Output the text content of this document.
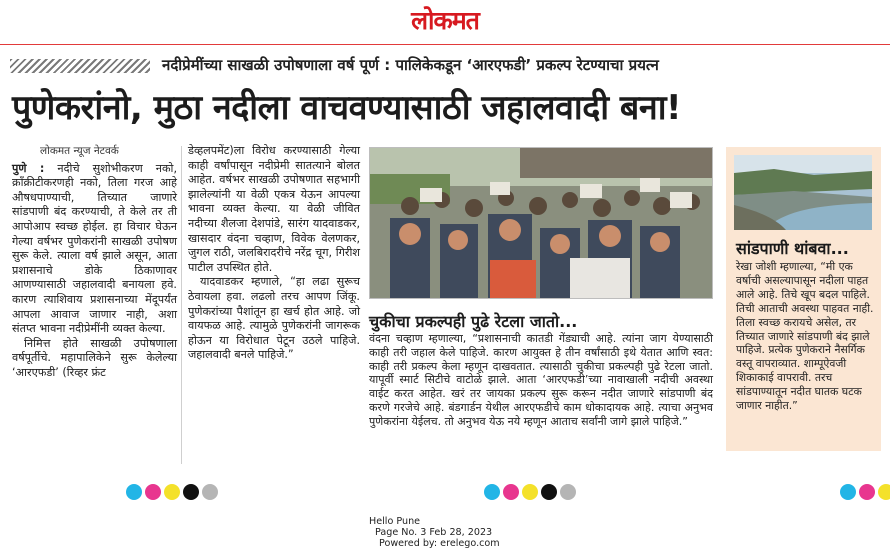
लोकमत
नदीप्रेमींच्या साखळी उपोषणाला वर्ष पूर्ण : पालिकेकडून ‘आरएफडी’ प्रकल्प रेटण्याचा प्रयत्न
पुणेकरांनो, मुठा नदीला वाचवण्यासाठी जहालवादी बना!
लोकमत न्यूज नेटवर्क

पुणे : नदीचे सुशोभीकरण नको, क्रॉंक्रीटीकरणही नको, तिला गरज आहे औषधपाण्याची, तिच्यात जाणारे सांडपाणी बंद करण्याची, ते केले तर ती आपोआप स्वच्छ होईल. हा विचार घेऊन गेल्या वर्षभर पुणेकरांनी साखळी उपोषण सुरू केले. त्याला वर्ष झाले असून, आता प्रशासनाचे डोके ठिकाणावर आणण्यासाठी जहालवादी बनायला हवे. कारण त्याशिवाय प्रशासनाच्या मेंदूपर्यंत आपला आवाज जाणार नाही, अशा संतप्त भावना नदीप्रेमींनी व्यक्त केल्या.

निमित्त होते साखळी उपोषणाला वर्षपूर्तीचे. महापालिकेने सुरू केलेल्या ‘आरएफडी’ (रिव्हर फ्रंट

डेव्हलपमेंट)ला विरोध करण्यासाठी गेल्या काही वर्षांपासून नदीप्रेमी सातत्याने बोलत आहेत. वर्षभर साखळी उपोषणात सहभागी झालेल्यांनी या वेळी एकत्र येऊन आपल्या भावना व्यक्त केल्या. या वेळी जीवित नदीच्या शैलजा देशपांडे, सारंग यादवाडकर, खासदार वंदना चव्हाण, विवेक वेलणकर, जुगल राठी, जलबिरादरीचे नरेंद्र चूग, गिरीश पाटील उपस्थित होते.

यादवाडकर म्हणाले, “हा लढा सुरूच ठेवायला हवा. लढलो तरच आपण जिंकू. पुणेकरांच्या पैशांतून हा खर्च होत आहे. जो वायफळ आहे. त्यामुळे पुणेकरांनी जागरूक होऊन या विरोधात पेटून उठले पाहिजे. जहालवादी बनले पाहिजे.”

चुकीचा प्रकल्पही पुढे रेटला जातो...

वंदना चव्हाण म्हणाल्या, “प्रशासनाची कातडी गेंड्याची आहे. त्यांना जाग येण्यासाठी काही तरी जहाल केले पाहिजे. कारण आयुक्त हे तीन वर्षांसाठी इथे येतात आणि स्वत: काही तरी प्रकल्प केला म्हणून दाखवतात. त्यासाठी चुकीचा प्रकल्पही पुढे रेटला जातो. यापूर्वी स्मार्ट सिटीचे वाटोळे झाले. आता ‘आरएफडी’च्या नावाखाली नदीची अवस्था वाईट करत आहेत. खरं तर जायका प्रकल्प सुरू करून नदीत जाणारे सांडपाणी बंद करणे गरजेचे आहे. बंडगार्डन येथील आरएफडीचे काम धोकादायक आहे. त्याचा अनुभव पुणेकरांना येईलच. तो अनुभव येऊ नये म्हणून आताच सर्वांनी जागे झाले पाहिजे.”

सांडपाणी थांबवा...
रेखा जोशी म्हणाल्या, “मी एक वर्षाची असल्यापासून नदीला पाहत आले आहे. तिचे खूप बदल पाहिले. तिची आताची अवस्था पाहवत नाही. तिला स्वच्छ करायचे असेल, तर तिच्यात जाणारे सांडपाणी बंद झाले पाहिजे. प्रत्येक पुणेकराने नैसर्गिक वस्तू वापराव्यात. शाम्पूऐवजी शिकाकाई वापरावी. तरच सांडपाण्यातून नदीत घातक घटक जाणार नाहीत.”
Hello Pune
Page No. 3 Feb 28, 2023
Powered by: erelego.com
